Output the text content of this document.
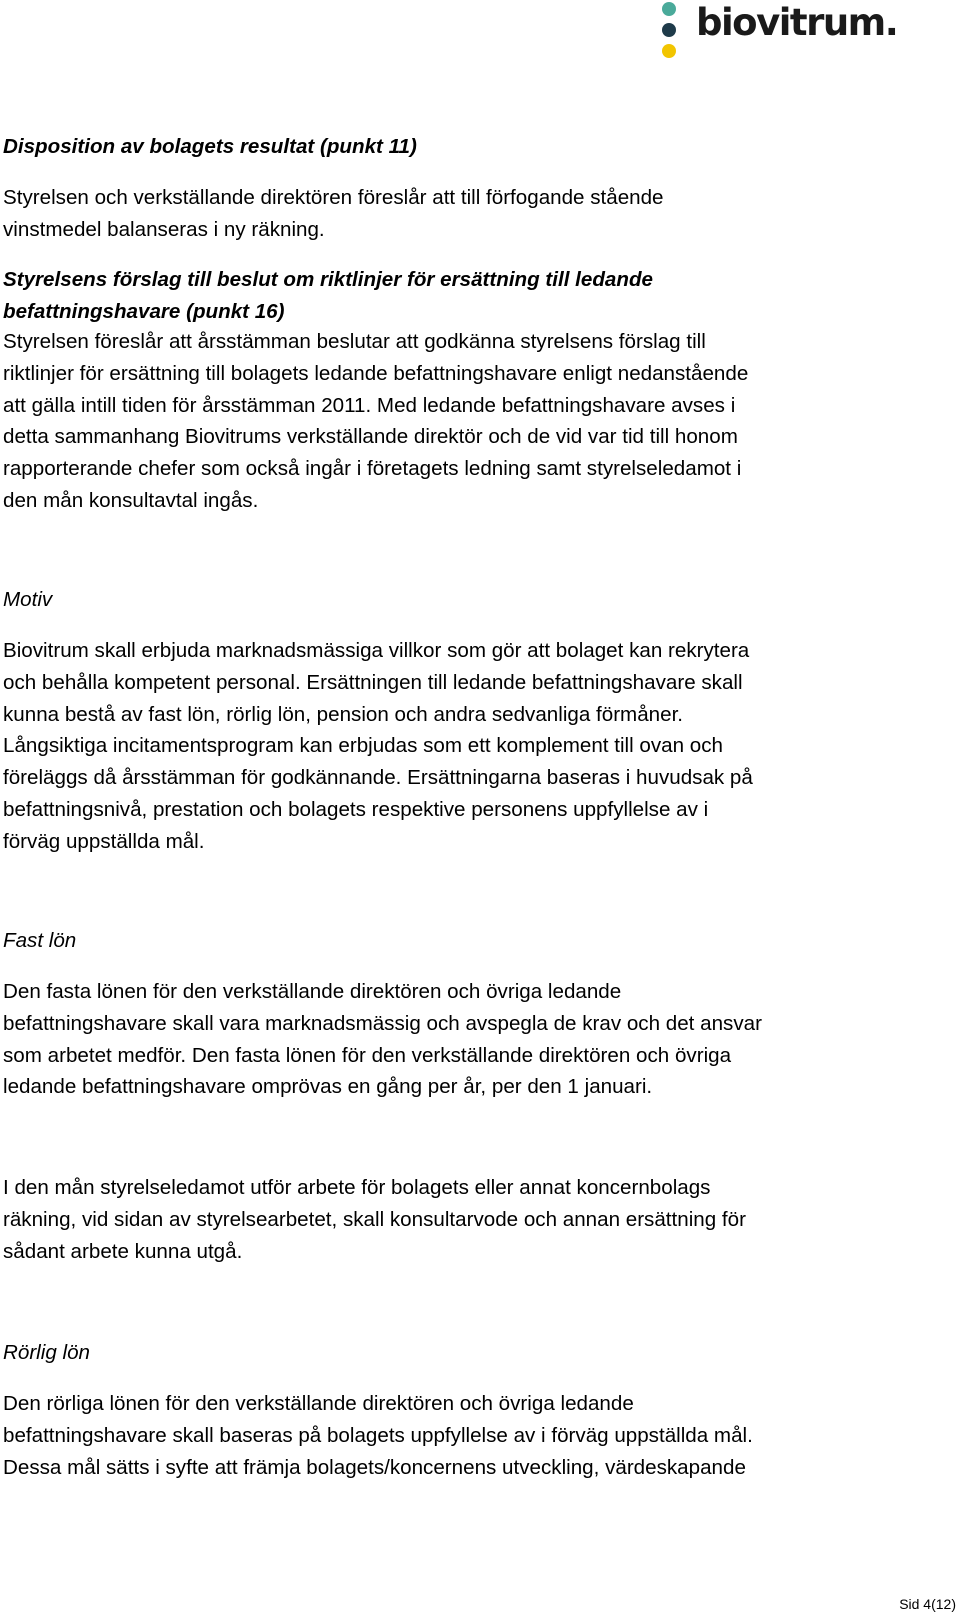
biovitrum.
Disposition av bolagets resultat (punkt 11)
Styrelsen och verkställande direktören föreslår att till förfogande stående
vinstmedel balanseras i ny räkning.
Styrelsens förslag till beslut om riktlinjer för ersättning till ledande
befattningshavare (punkt 16)
Styrelsen föreslår att årsstämman beslutar att godkänna styrelsens förslag till
riktlinjer för ersättning till bolagets ledande befattningshavare enligt nedanstående
att gälla intill tiden för årsstämman 2011. Med ledande befattningshavare avses i
detta sammanhang Biovitrums verkställande direktör och de vid var tid till honom
rapporterande chefer som också ingår i företagets ledning samt styrelseledamot i
den mån konsultavtal ingås.
Motiv
Biovitrum skall erbjuda marknadsmässiga villkor som gör att bolaget kan rekrytera
och behålla kompetent personal. Ersättningen till ledande befattningshavare skall
kunna bestå av fast lön, rörlig lön, pension och andra sedvanliga förmåner.
Långsiktiga incitamentsprogram kan erbjudas som ett komplement till ovan och
föreläggs då årsstämman för godkännande. Ersättningarna baseras i huvudsak på
befattningsnivå, prestation och bolagets respektive personens uppfyllelse av i
förväg uppställda mål.
Fast lön
Den fasta lönen för den verkställande direktören och övriga ledande
befattningshavare skall vara marknadsmässig och avspegla de krav och det ansvar
som arbetet medför. Den fasta lönen för den verkställande direktören och övriga
ledande befattningshavare omprövas en gång per år, per den 1 januari.
I den mån styrelseledamot utför arbete för bolagets eller annat koncernbolags
räkning, vid sidan av styrelsearbetet, skall konsultarvode och annan ersättning för
sådant arbete kunna utgå.
Rörlig lön
Den rörliga lönen för den verkställande direktören och övriga ledande
befattningshavare skall baseras på bolagets uppfyllelse av i förväg uppställda mål.
Dessa mål sätts i syfte att främja bolagets/koncernens utveckling, värdeskapande
Sid 4(12)
